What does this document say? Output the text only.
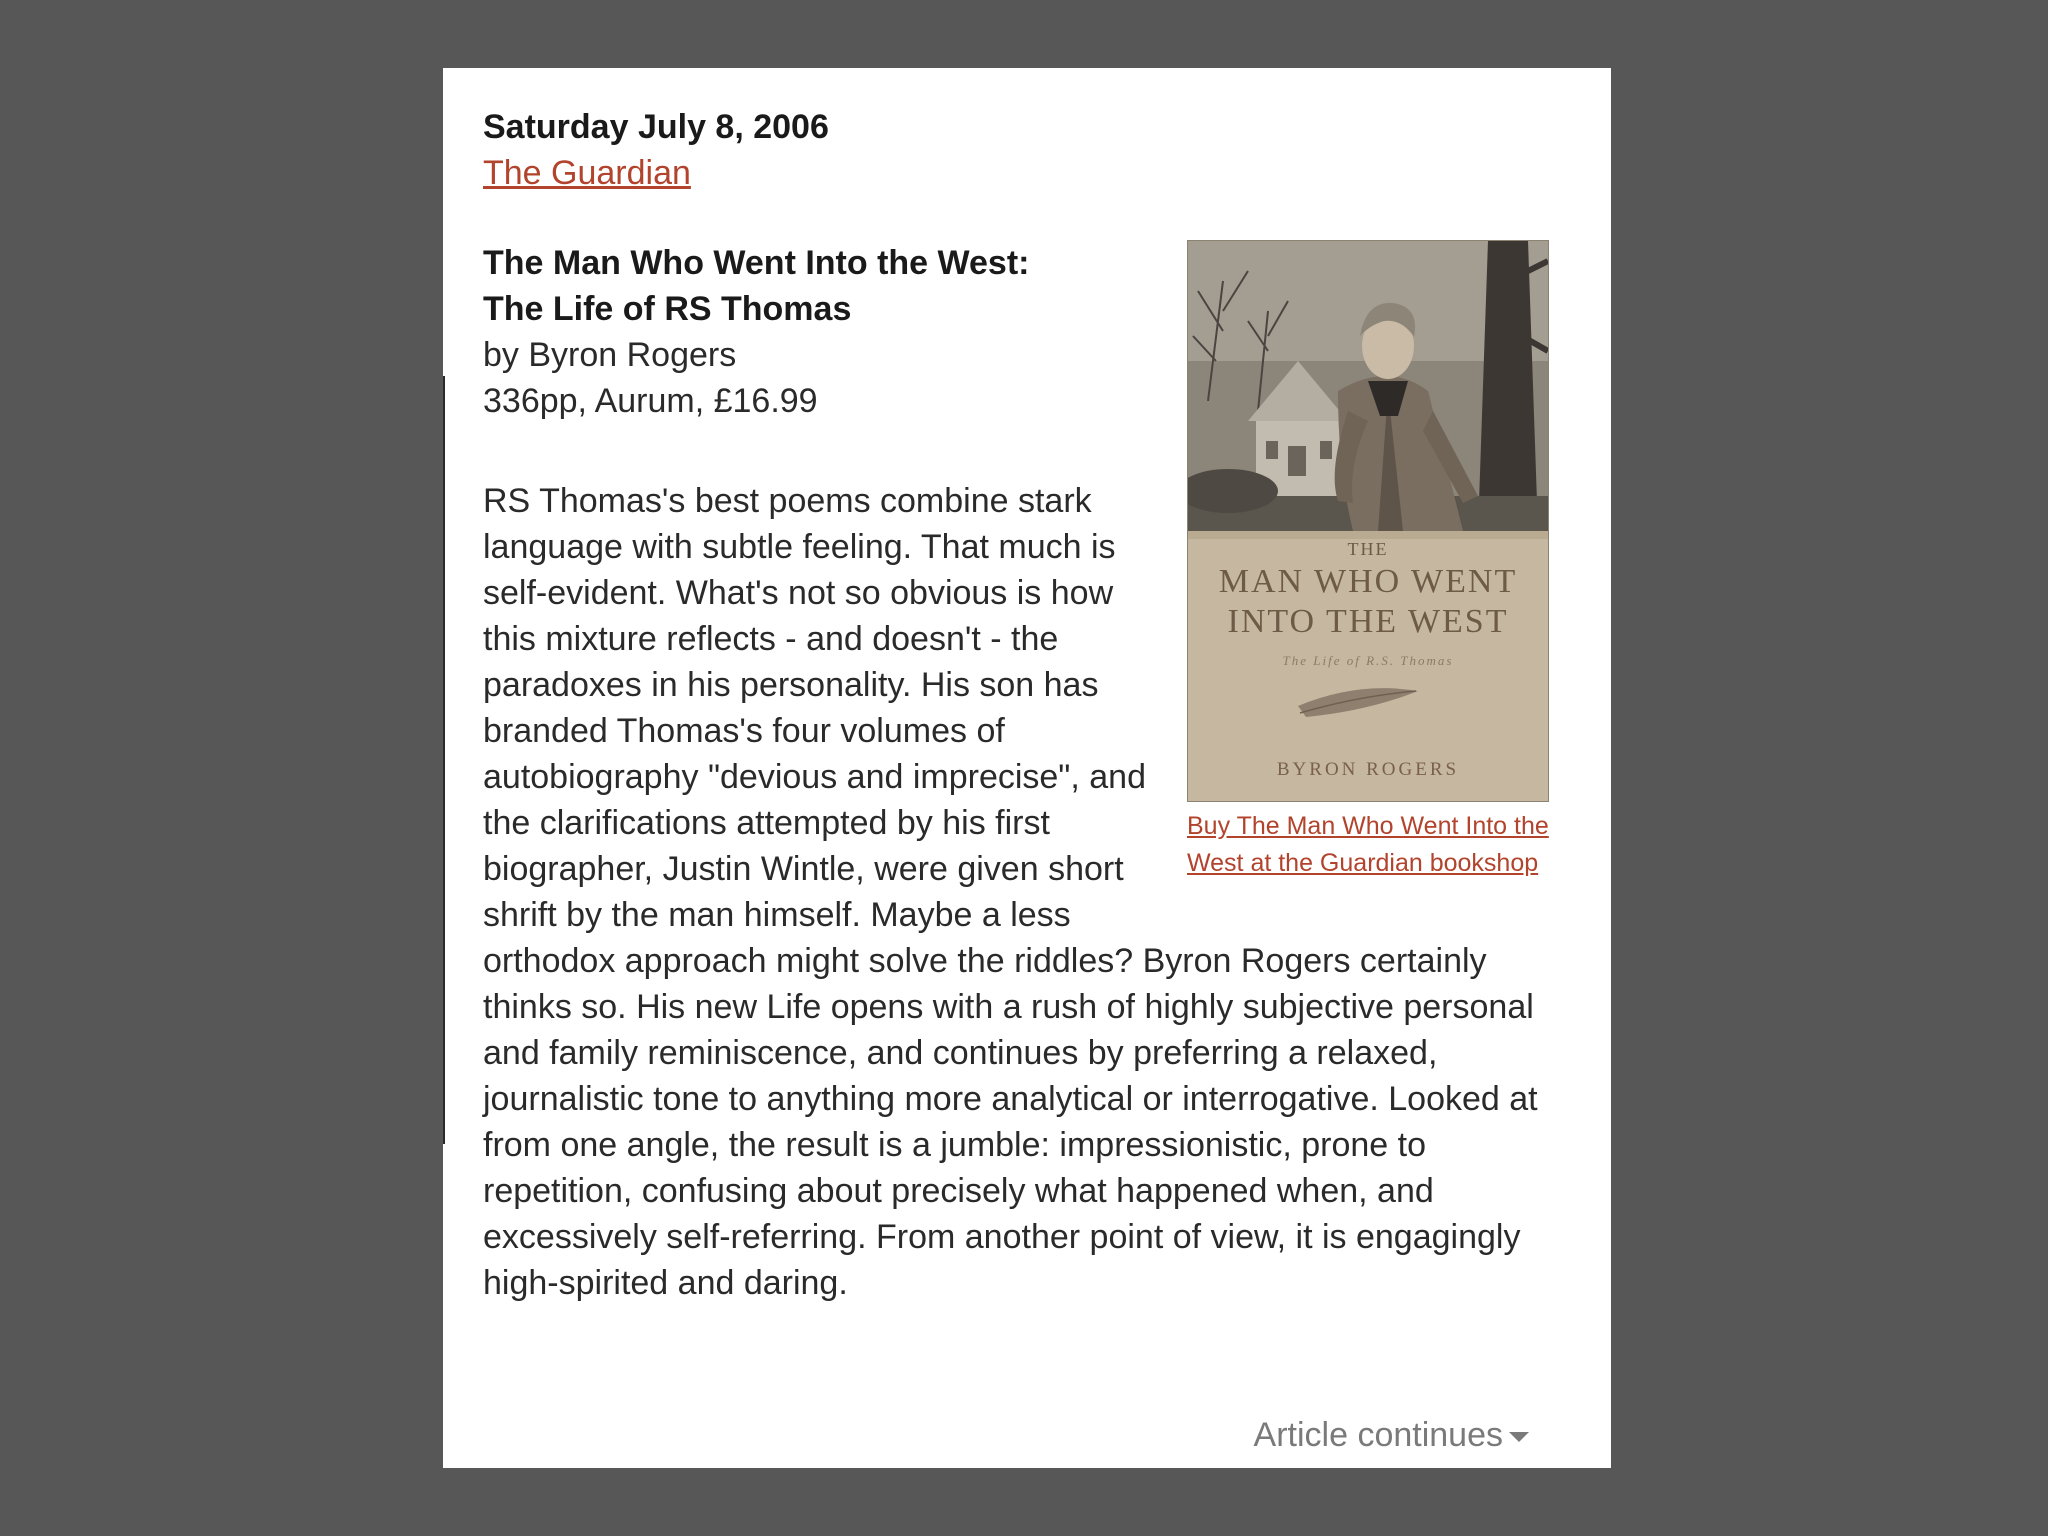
Saturday July 8, 2006
The Guardian
THE
MAN WHO WENT
INTO THE WEST
The Life of R.S. Thomas
BYRON ROGERS
Buy The Man Who Went Into the West at the Guardian bookshop
The Man Who Went Into the West:
The Life of RS Thomas
by Byron Rogers
336pp, Aurum, £16.99
RS Thomas's best poems combine stark language with subtle feeling. That much is self-evident. What's not so obvious is how this mixture reflects - and doesn't - the paradoxes in his personality. His son has branded Thomas's four volumes of autobiography "devious and imprecise", and the clarifications attempted by his first biographer, Justin Wintle, were given short shrift by the man himself. Maybe a less orthodox approach might solve the riddles? Byron Rogers certainly thinks so. His new Life opens with a rush of highly subjective personal and family reminiscence, and continues by preferring a relaxed, journalistic tone to anything more analytical or interrogative. Looked at from one angle, the result is a jumble: impressionistic, prone to repetition, confusing about precisely what happened when, and excessively self-referring. From another point of view, it is engagingly high-spirited and daring.
Article continues
